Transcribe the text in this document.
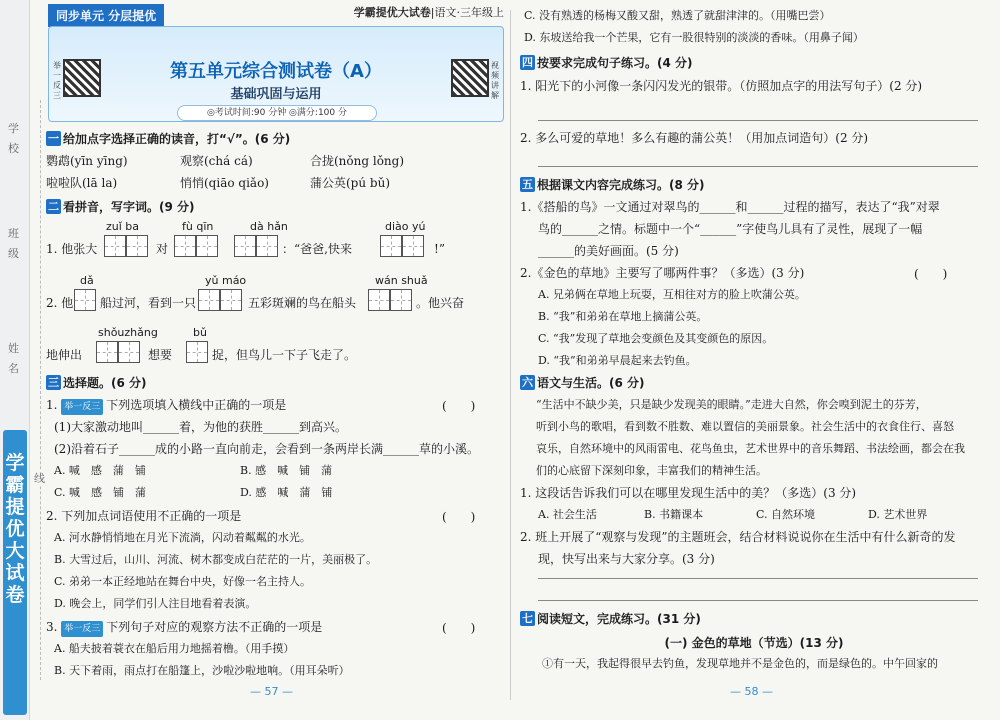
学霸提优大试卷
学
校
班
级
姓
名
线
同步单元 分层提优	学霸提优大试卷|语文·三年级上
举一反三
视频讲解
第五单元综合测试卷（A）
基础巩固与运用
◎考试时间:90 分钟 ◎满分:100 分
一 给加点字选择正确的读音，打“√”。(6 分)
鹦鹉(yīn yīng)	观察(chá cá)	合拢(nǒng lǒng)
啦啦队(lā la)	悄悄(qiāo qiǎo)	蒲公英(pú bǔ)
二 看拼音，写字词。(9 分)
zuǐ ba	fù qīn	dà hǎn	diào yú
1. 他张大	对	：“爸爸,快来	!”
dǎ	yǔ máo	wán shuǎ
2. 他 船过河，看到一只	五彩斑斓的鸟在船头	。他兴奋
shǒuzhǎng	bǔ
地伸出	想要	捉，但鸟儿一下子飞走了。
三 选择题。(6 分)
1. 举一反三 下列选项填入横线中正确的一项是	(　　)
(1)大家激动地叫______着，为他的获胜______到高兴。
(2)沿着石子______成的小路一直向前走，会看到一条两岸长满______草的小溪。
A. 喊　感　蒲　铺	B. 感　喊　铺　蒲
C. 喊　感　铺　蒲	D. 感　喊　蒲　铺
2. 下列加点词语使用不正确的一项是	(　　)
A. 河水静悄悄地在月光下流淌，闪动着粼粼的水光。
B. 大雪过后，山川、河流、树木都变成白茫茫的一片，美丽极了。
C. 弟弟一本正经地站在舞台中央，好像一名主持人。
D. 晚会上，同学们引人注目地看着表演。
3. 举一反三 下列句子对应的观察方法不正确的一项是	(　　)
A. 船夫披着蓑衣在船后用力地摇着橹。（用手摸）
B. 天下着雨，雨点打在船篷上，沙啦沙啦地响。（用耳朵听）
— 57 —
C. 没有熟透的杨梅又酸又甜，熟透了就甜津津的。（用嘴巴尝）
D. 东坡送给我一个芒果，它有一股很特别的淡淡的香味。（用鼻子闻）
四 按要求完成句子练习。(4 分)
1. 阳光下的小河像一条闪闪发光的银带。（仿照加点字的用法写句子）(2 分)
2. 多么可爱的草地！多么有趣的蒲公英！（用加点词造句）(2 分)
五 根据课文内容完成练习。(8 分)
1.《搭船的鸟》一文通过对翠鸟的______和______过程的描写，表达了“我”对翠
鸟的______之情。标题中一个“______”字使鸟儿具有了灵性，展现了一幅
______的美好画面。(5 分)
2.《金色的草地》主要写了哪两件事？（多选）(3 分)	(　　)
A. 兄弟俩在草地上玩耍，互相往对方的脸上吹蒲公英。
B. “我”和弟弟在草地上摘蒲公英。
C. “我”发现了草地会变颜色及其变颜色的原因。
D. “我”和弟弟早晨起来去钓鱼。
六 语文与生活。(6 分)
“生活中不缺少美，只是缺少发现美的眼睛。”走进大自然，你会嗅到泥土的芬芳，
听到小鸟的歌唱，看到数不胜数、难以置信的美丽景象。社会生活中的衣食住行、喜怒
哀乐，自然环境中的风雨雷电、花鸟鱼虫，艺术世界中的音乐舞蹈、书法绘画，都会在我
们的心底留下深刻印象，丰富我们的精神生活。
1. 这段话告诉我们可以在哪里发现生活中的美？（多选）(3 分)
A. 社会生活	B. 书籍课本	C. 自然环境	D. 艺术世界
2. 班上开展了“观察与发现”的主题班会，结合材料说说你在生活中有什么新奇的发
现，快写出来与大家分享。(3 分)
七 阅读短文，完成练习。(31 分)
(一) 金色的草地（节选）(13 分)
①有一天，我起得很早去钓鱼，发现草地并不是金色的，而是绿色的。中午回家的
— 58 —
